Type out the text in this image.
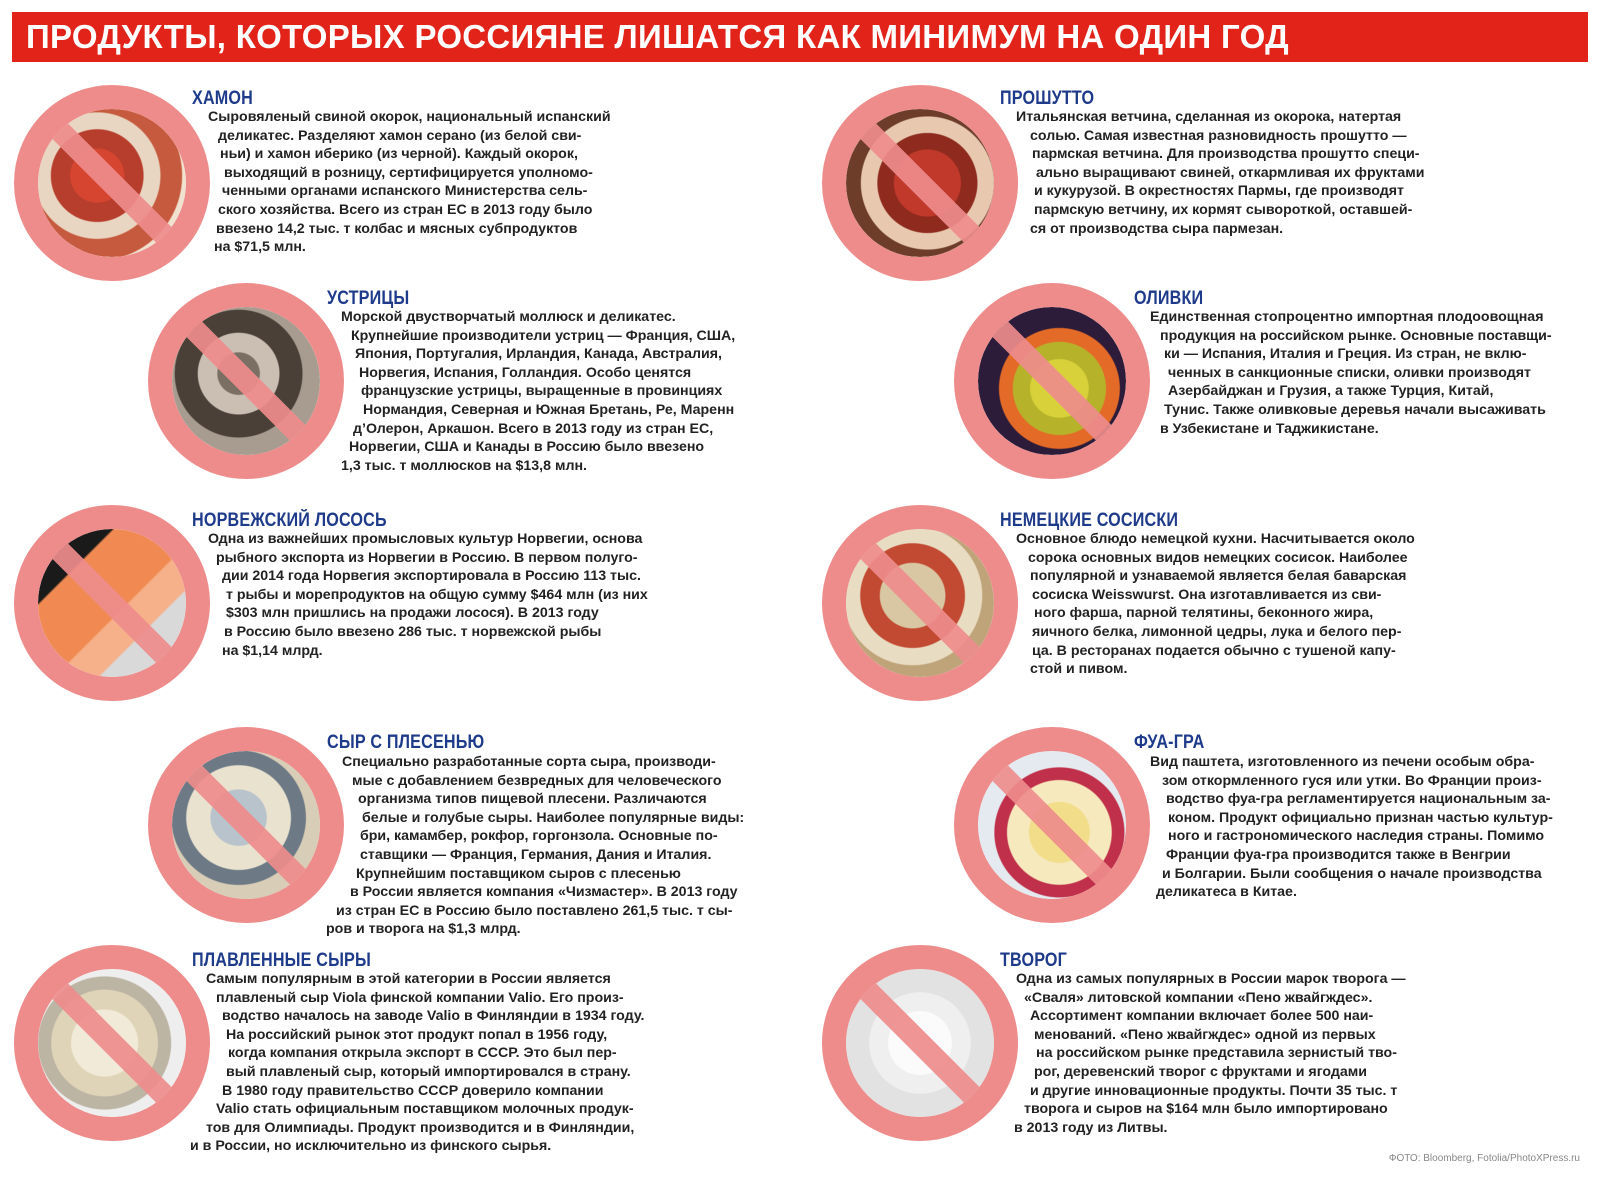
ПРОДУКТЫ, КОТОРЫХ РОССИЯНЕ ЛИШАТСЯ КАК МИНИМУМ НА ОДИН ГОД
ХАМОН
Сыровяленый свиной окорок, национальный испанский
деликатес. Разделяют хамон серано (из белой сви-
ньи) и хамон иберико (из черной). Каждый окорок,
выходящий в розницу, сертифицируется уполномо-
ченными органами испанского Министерства сель-
ского хозяйства. Всего из стран ЕС в 2013 году было
ввезено 14,2 тыс. т колбас и мясных субпродуктов
на $71,5 млн.
ПРОШУТТО
Итальянская ветчина, сделанная из окорока, натертая
солью. Самая известная разновидность прошутто —
пармская ветчина. Для производства прошутто специ-
ально выращивают свиней, откармливая их фруктами
и кукурузой. В окрестностях Пармы, где производят
пармскую ветчину, их кормят сывороткой, оставшей-
ся от производства сыра пармезан.
УСТРИЦЫ
Морской двустворчатый моллюск и деликатес.
Крупнейшие производители устриц — Франция, США,
Япония, Португалия, Ирландия, Канада, Австралия,
Норвегия, Испания, Голландия. Особо ценятся
французские устрицы, выращенные в провинциях
Нормандия, Северная и Южная Бретань, Ре, Маренн
д’Олерон, Аркашон. Всего в 2013 году из стран ЕС,
Норвегии, США и Канады в Россию было ввезено
1,3 тыс. т моллюсков на $13,8 млн.
ОЛИВКИ
Единственная стопроцентно импортная плодоовощная
продукция на российском рынке. Основные поставщи-
ки — Испания, Италия и Греция. Из стран, не вклю-
ченных в санкционные списки, оливки производят
Азербайджан и Грузия, а также Турция, Китай,
Тунис. Также оливковые деревья начали высаживать
в Узбекистане и Таджикистане.
НОРВЕЖСКИЙ ЛОСОСЬ
Одна из важнейших промысловых культур Норвегии, основа
рыбного экспорта из Норвегии в Россию. В первом полуго-
дии 2014 года Норвегия экспортировала в Россию 113 тыс.
т рыбы и морепродуктов на общую сумму $464 млн (из них
$303 млн пришлись на продажи лосося). В 2013 году
в Россию было ввезено 286 тыс. т норвежской рыбы
на $1,14 млрд.
НЕМЕЦКИЕ СОСИСКИ
Основное блюдо немецкой кухни. Насчитывается около
сорока основных видов немецких сосисок. Наиболее
популярной и узнаваемой является белая баварская
сосиска Weisswurst. Она изготавливается из сви-
ного фарша, парной телятины, беконного жира,
яичного белка, лимонной цедры, лука и белого пер-
ца. В ресторанах подается обычно с тушеной капу-
стой и пивом.
СЫР С ПЛЕСЕНЬЮ
Специально разработанные сорта сыра, производи-
мые с добавлением безвредных для человеческого
организма типов пищевой плесени. Различаются
белые и голубые сыры. Наиболее популярные виды:
бри, камамбер, рокфор, горгонзола. Основные по-
ставщики — Франция, Германия, Дания и Италия.
Крупнейшим поставщиком сыров с плесенью
в России является компания «Чизмастер». В 2013 году
из стран ЕС в Россию было поставлено 261,5 тыс. т сы-
ров и творога на $1,3 млрд.
ФУА-ГРА
Вид паштета, изготовленного из печени особым обра-
зом откормленного гуся или утки. Во Франции произ-
водство фуа-гра регламентируется национальным за-
коном. Продукт официально признан частью культур-
ного и гастрономического наследия страны. Помимо
Франции фуа-гра производится также в Венгрии
и Болгарии. Были сообщения о начале производства
деликатеса в Китае.
ПЛАВЛЕННЫЕ СЫРЫ
Самым популярным в этой категории в России является
плавленый сыр Viola финской компании Valio. Его произ-
водство началось на заводе Valio в Финляндии в 1934 году.
На российский рынок этот продукт попал в 1956 году,
когда компания открыла экспорт в СССР. Это был пер-
вый плавленый сыр, который импортировался в страну.
В 1980 году правительство СССР доверило компании
Valio стать официальным поставщиком молочных продук-
тов для Олимпиады. Продукт производится и в Финляндии,
и в России, но исключительно из финского сырья.
ТВОРОГ
Одна из самых популярных в России марок творога —
«Сваля» литовской компании «Пено жвайгждес».
Ассортимент компании включает более 500 наи-
менований. «Пено жвайгждес» одной из первых
на российском рынке представила зернистый тво-
рог, деревенский творог с фруктами и ягодами
и другие инновационные продукты. Почти 35 тыс. т
творога и сыров на $164 млн было импортировано
в 2013 году из Литвы.
ФОТО: Bloomberg, Fotolia/PhotoXPress.ru
